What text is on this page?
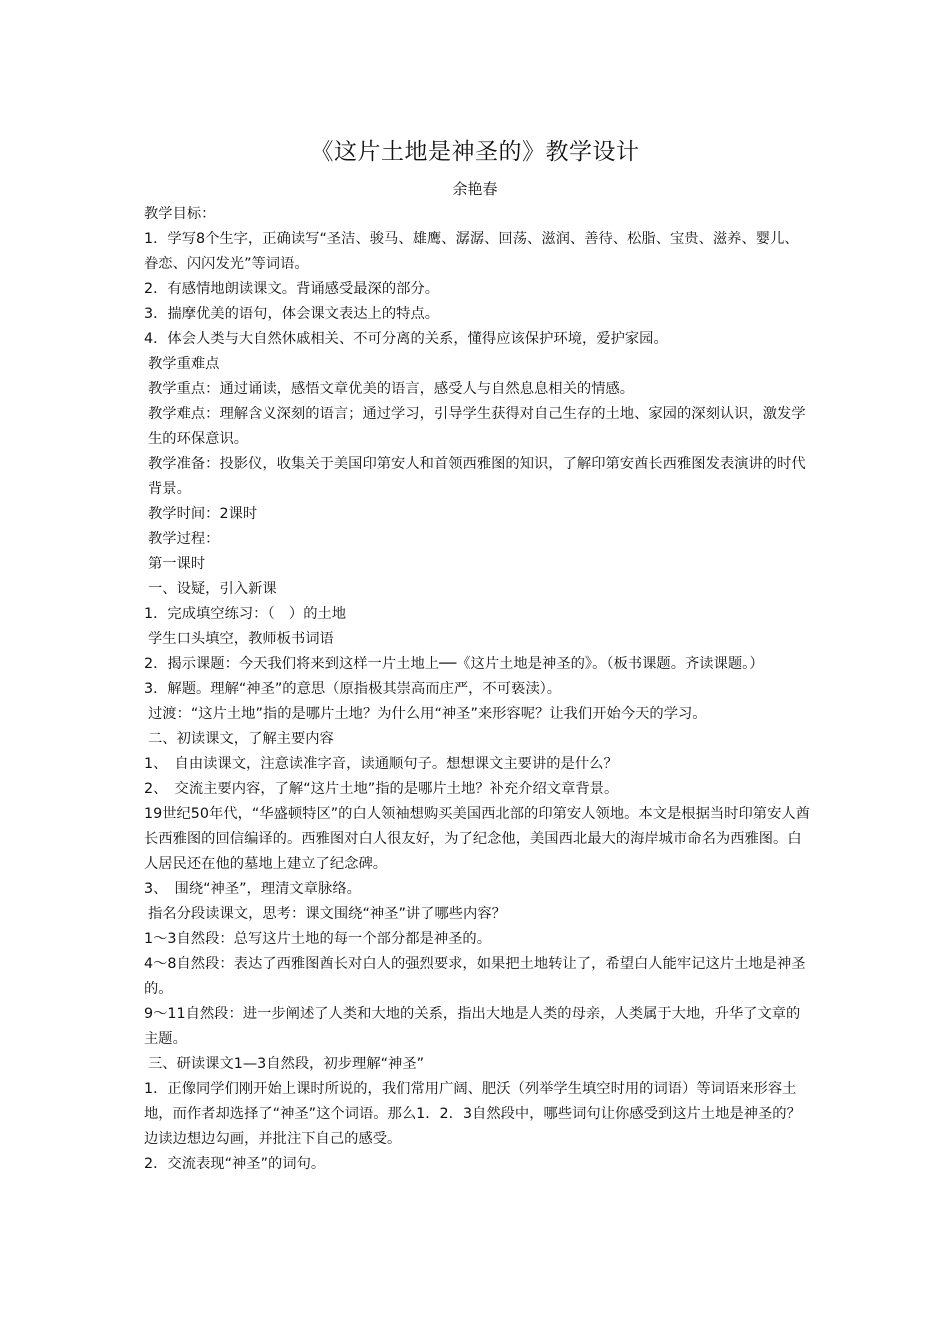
《这片土地是神圣的》教学设计
余艳春

教学目标：

1．学写8个生字，正确读写“圣洁、骏马、雄鹰、潺潺、回荡、滋润、善待、松脂、宝贵、滋养、婴儿、眷恋、闪闪发光”等词语。

2．有感情地朗读课文。背诵感受最深的部分。

3．揣摩优美的语句，体会课文表达上的特点。

4．体会人类与大自然休戚相关、不可分离的关系，懂得应该保护环境，爱护家园。

教学重难点

教学重点：通过诵读，感悟文章优美的语言，感受人与自然息息相关的情感。

教学难点：理解含义深刻的语言；通过学习，引导学生获得对自己生存的土地、家园的深刻认识，激发学生的环保意识。

教学准备：投影仪，收集关于美国印第安人和首领西雅图的知识，了解印第安酋长西雅图发表演讲的时代背景。

教学时间：2课时

教学过程：

第一课时

一、设疑，引入新课

1．完成填空练习：（　）的土地

学生口头填空，教师板书词语

2．揭示课题：今天我们将来到这样一片土地上──《这片土地是神圣的》。（板书课题。齐读课题。）

3．解题。理解“神圣”的意思（原指极其崇高而庄严，不可亵渎）。

过渡：“这片土地”指的是哪片土地？为什么用“神圣”来形容呢？让我们开始今天的学习。

二、初读课文，了解主要内容

1、　自由读课文，注意读准字音，读通顺句子。想想课文主要讲的是什么？

2、　交流主要内容，了解“这片土地”指的是哪片土地？补充介绍文章背景。

19世纪50年代，“华盛顿特区”的白人领袖想购买美国西北部的印第安人领地。本文是根据当时印第安人酋长西雅图的回信编译的。西雅图对白人很友好，为了纪念他，美国西北最大的海岸城市命名为西雅图。白人居民还在他的墓地上建立了纪念碑。

3、　围绕“神圣”，理清文章脉络。

指名分段读课文，思考：课文围绕“神圣”讲了哪些内容？

1～3自然段：总写这片土地的每一个部分都是神圣的。

4～8自然段：表达了西雅图酋长对白人的强烈要求，如果把土地转让了，希望白人能牢记这片土地是神圣的。

9～11自然段：进一步阐述了人类和大地的关系，指出大地是人类的母亲，人类属于大地，升华了文章的主题。

三、研读课文1—3自然段，初步理解“神圣”

1．正像同学们刚开始上课时所说的，我们常用广阔、肥沃（列举学生填空时用的词语）等词语来形容土地，而作者却选择了“神圣”这个词语。那么1．2．3自然段中，哪些词句让你感受到这片土地是神圣的？边读边想边勾画，并批注下自己的感受。

2．交流表现“神圣”的词句。
